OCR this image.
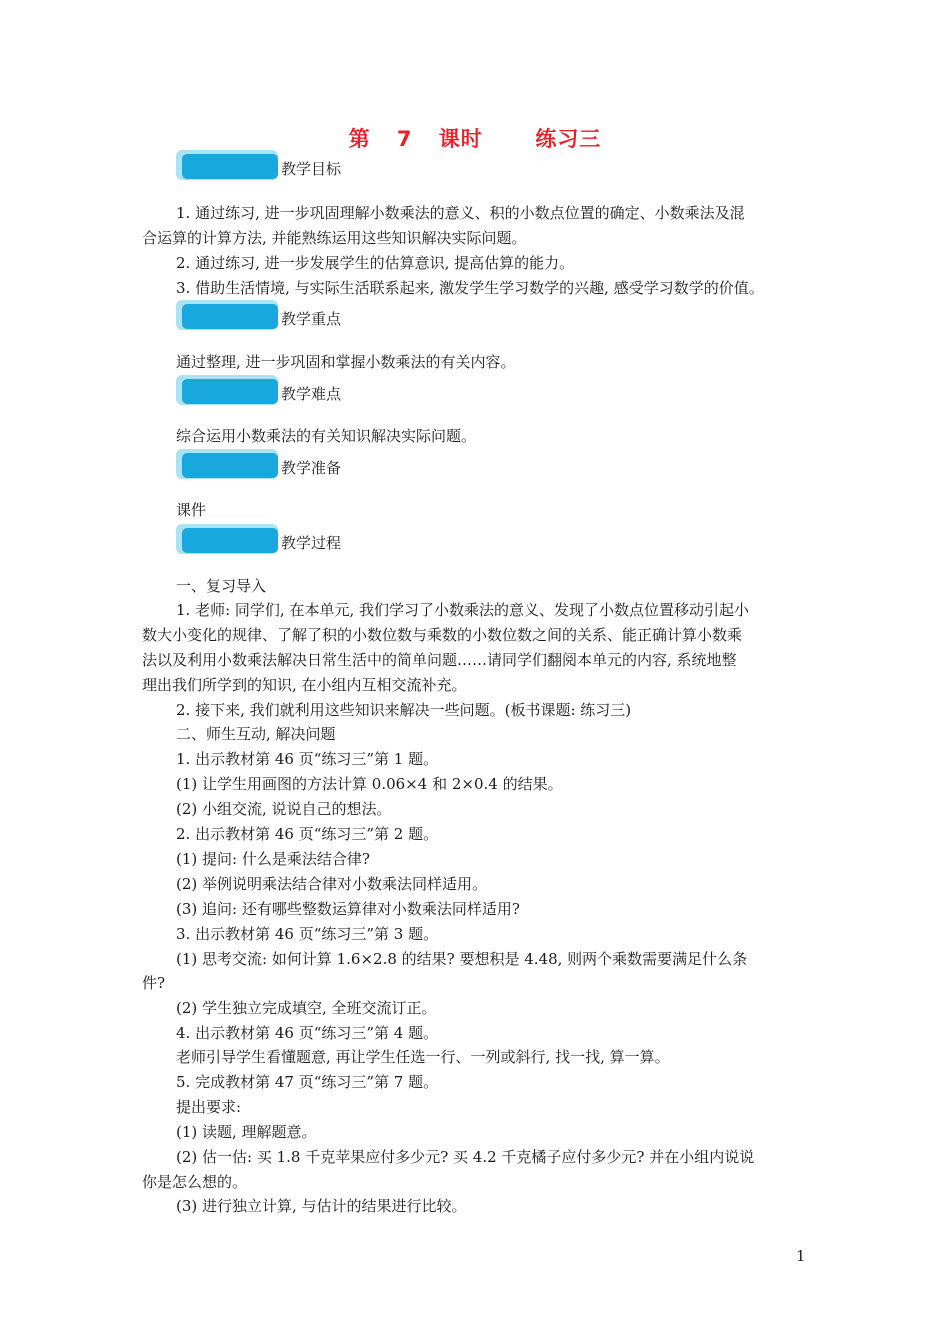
第 7 课时  练习三
教学目标
1. 通过练习, 进一步巩固理解小数乘法的意义、积的小数点位置的确定、小数乘法及混
合运算的计算方法, 并能熟练运用这些知识解决实际问题。
2. 通过练习, 进一步发展学生的估算意识, 提高估算的能力。
3. 借助生活情境, 与实际生活联系起来, 激发学生学习数学的兴趣, 感受学习数学的价值。
教学重点
通过整理, 进一步巩固和掌握小数乘法的有关内容。
教学难点
综合运用小数乘法的有关知识解决实际问题。
教学准备
课件
教学过程
一、复习导入
1. 老师: 同学们, 在本单元, 我们学习了小数乘法的意义、发现了小数点位置移动引起小
数大小变化的规律、了解了积的小数位数与乘数的小数位数之间的关系、能正确计算小数乘
法以及利用小数乘法解决日常生活中的简单问题……请同学们翻阅本单元的内容, 系统地整
理出我们所学到的知识, 在小组内互相交流补充。
2. 接下来, 我们就利用这些知识来解决一些问题。(板书课题: 练习三)
二、师生互动, 解决问题
1. 出示教材第 46 页“练习三”第 1 题。
(1) 让学生用画图的方法计算 0.06×4 和 2×0.4 的结果。
(2) 小组交流, 说说自己的想法。
2. 出示教材第 46 页“练习三”第 2 题。
(1) 提问: 什么是乘法结合律?
(2) 举例说明乘法结合律对小数乘法同样适用。
(3) 追问: 还有哪些整数运算律对小数乘法同样适用?
3. 出示教材第 46 页“练习三”第 3 题。
(1) 思考交流: 如何计算 1.6×2.8 的结果? 要想积是 4.48, 则两个乘数需要满足什么条
件?
(2) 学生独立完成填空, 全班交流订正。
4. 出示教材第 46 页“练习三”第 4 题。
老师引导学生看懂题意, 再让学生任选一行、一列或斜行, 找一找, 算一算。
5. 完成教材第 47 页“练习三”第 7 题。
提出要求:
(1) 读题, 理解题意。
(2) 估一估: 买 1.8 千克苹果应付多少元? 买 4.2 千克橘子应付多少元? 并在小组内说说
你是怎么想的。
(3) 进行独立计算, 与估计的结果进行比较。
1
